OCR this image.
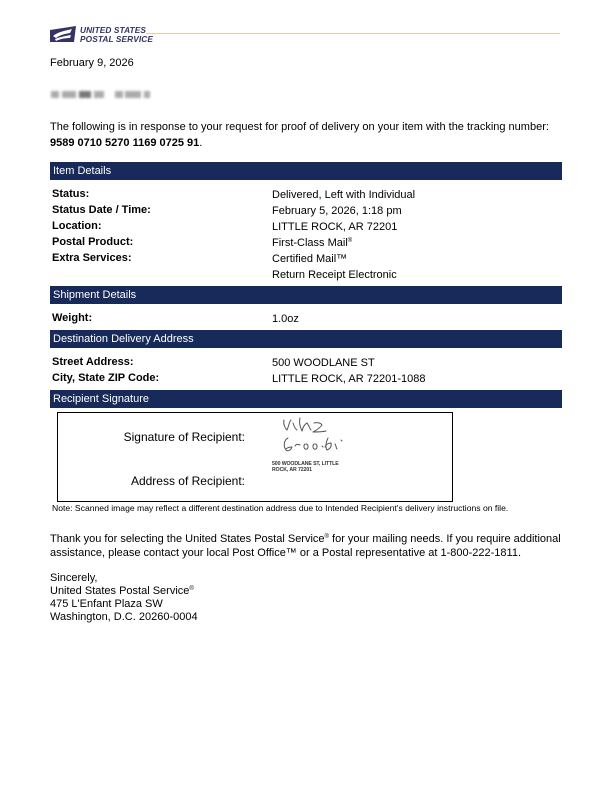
UNITED STATES
POSTAL SERVICE
February 9, 2026
The following is in response to your request for proof of delivery on your item with the tracking number:
9589 0710 5270 1169 0725 91.
Item Details
Status:	Delivered, Left with Individual
Status Date / Time:	February 5, 2026, 1:18 pm
Location:	LITTLE ROCK, AR 72201
Postal Product:	First-Class Mail®
Extra Services:	Certified Mail™
Return Receipt Electronic
Shipment Details
Weight:	1.0oz
Destination Delivery Address
Street Address:	500 WOODLANE ST
City, State ZIP Code:	LITTLE ROCK, AR 72201-1088
Recipient Signature
Signature of Recipient:
Address of Recipient:
500 WOODLANE ST, LITTLE
ROCK, AR 72201
Note: Scanned image may reflect a different destination address due to Intended Recipient's delivery instructions on file.
Thank you for selecting the United States Postal Service® for your mailing needs. If you require additional assistance, please contact your local Post Office™ or a Postal representative at 1-800-222-1811.
Sincerely,
United States Postal Service®
475 L'Enfant Plaza SW
Washington, D.C. 20260-0004
